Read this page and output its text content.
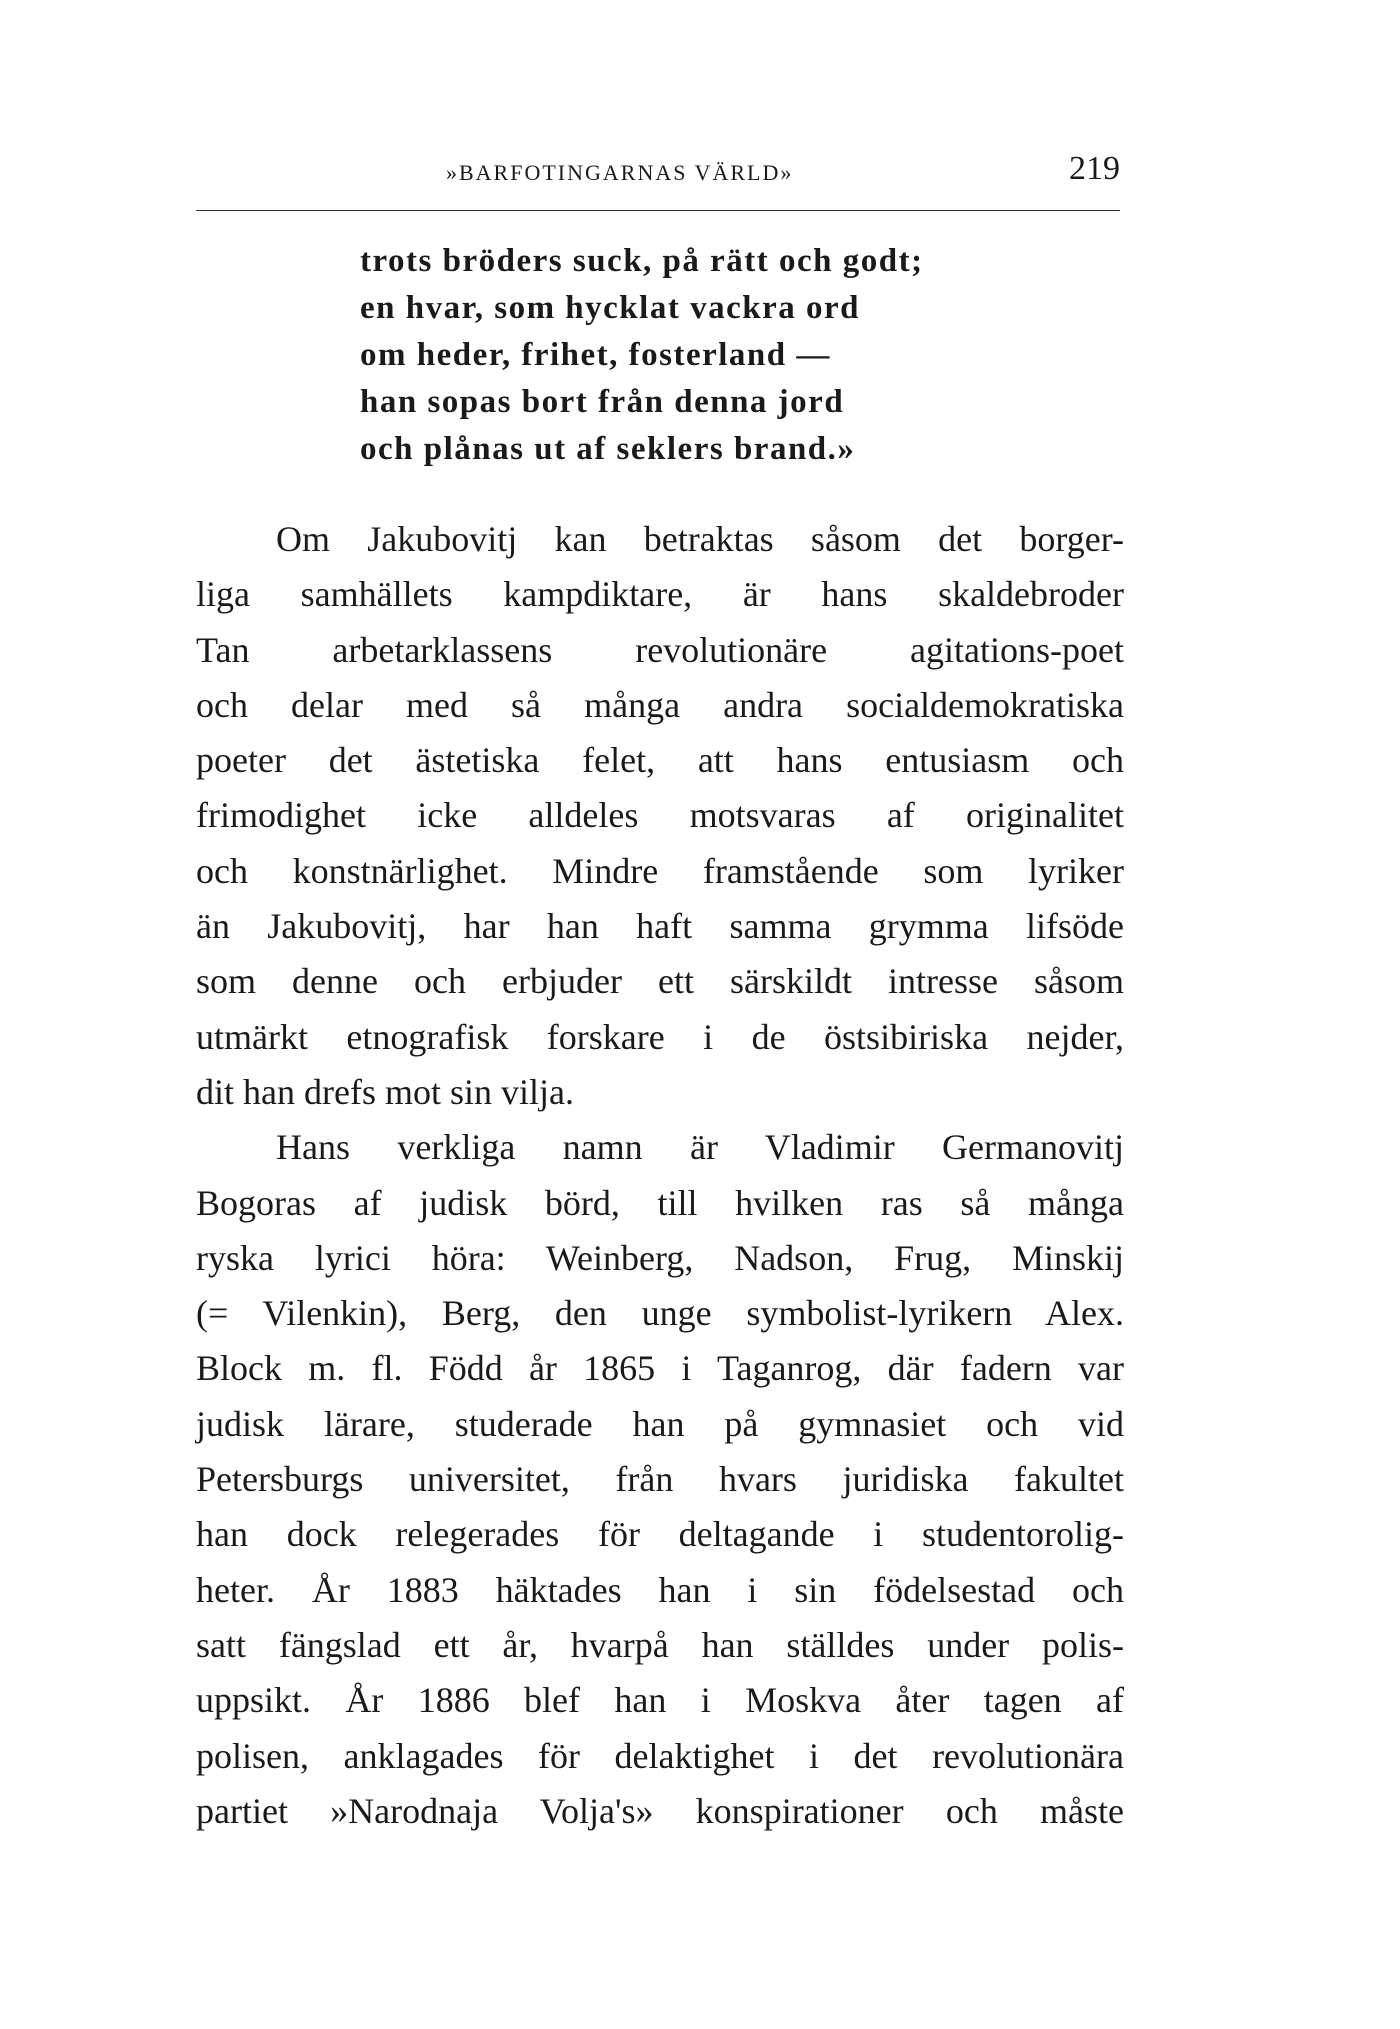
»BARFOTINGARNAS VÄRLD»	219
trots bröders suck, på rätt och godt;
en hvar, som hycklat vackra ord
om heder, frihet, fosterland —
han sopas bort från denna jord
och plånas ut af seklers brand.»
Om Jakubovitj kan betraktas såsom det borger-
liga samhällets kampdiktare, är hans skaldebroder
Tan arbetarklassens revolutionäre agitations-poet
och delar med så många andra socialdemokratiska
poeter det ästetiska felet, att hans entusiasm och
frimodighet icke alldeles motsvaras af originalitet
och konstnärlighet. Mindre framstående som lyriker
än Jakubovitj, har han haft samma grymma lifsöde
som denne och erbjuder ett särskildt intresse såsom
utmärkt etnografisk forskare i de östsibiriska nejder,
dit han drefs mot sin vilja.
Hans verkliga namn är Vladimir Germanovitj
Bogoras af judisk börd, till hvilken ras så många
ryska lyrici höra: Weinberg, Nadson, Frug, Minskij
(= Vilenkin), Berg, den unge symbolist-lyrikern Alex.
Block m. fl. Född år 1865 i Taganrog, där fadern var
judisk lärare, studerade han på gymnasiet och vid
Petersburgs universitet, från hvars juridiska fakultet
han dock relegerades för deltagande i studentorolig-
heter. År 1883 häktades han i sin födelsestad och
satt fängslad ett år, hvarpå han ställdes under polis-
uppsikt. År 1886 blef han i Moskva åter tagen af
polisen, anklagades för delaktighet i det revolutionära
partiet »Narodnaja Volja's» konspirationer och måste
